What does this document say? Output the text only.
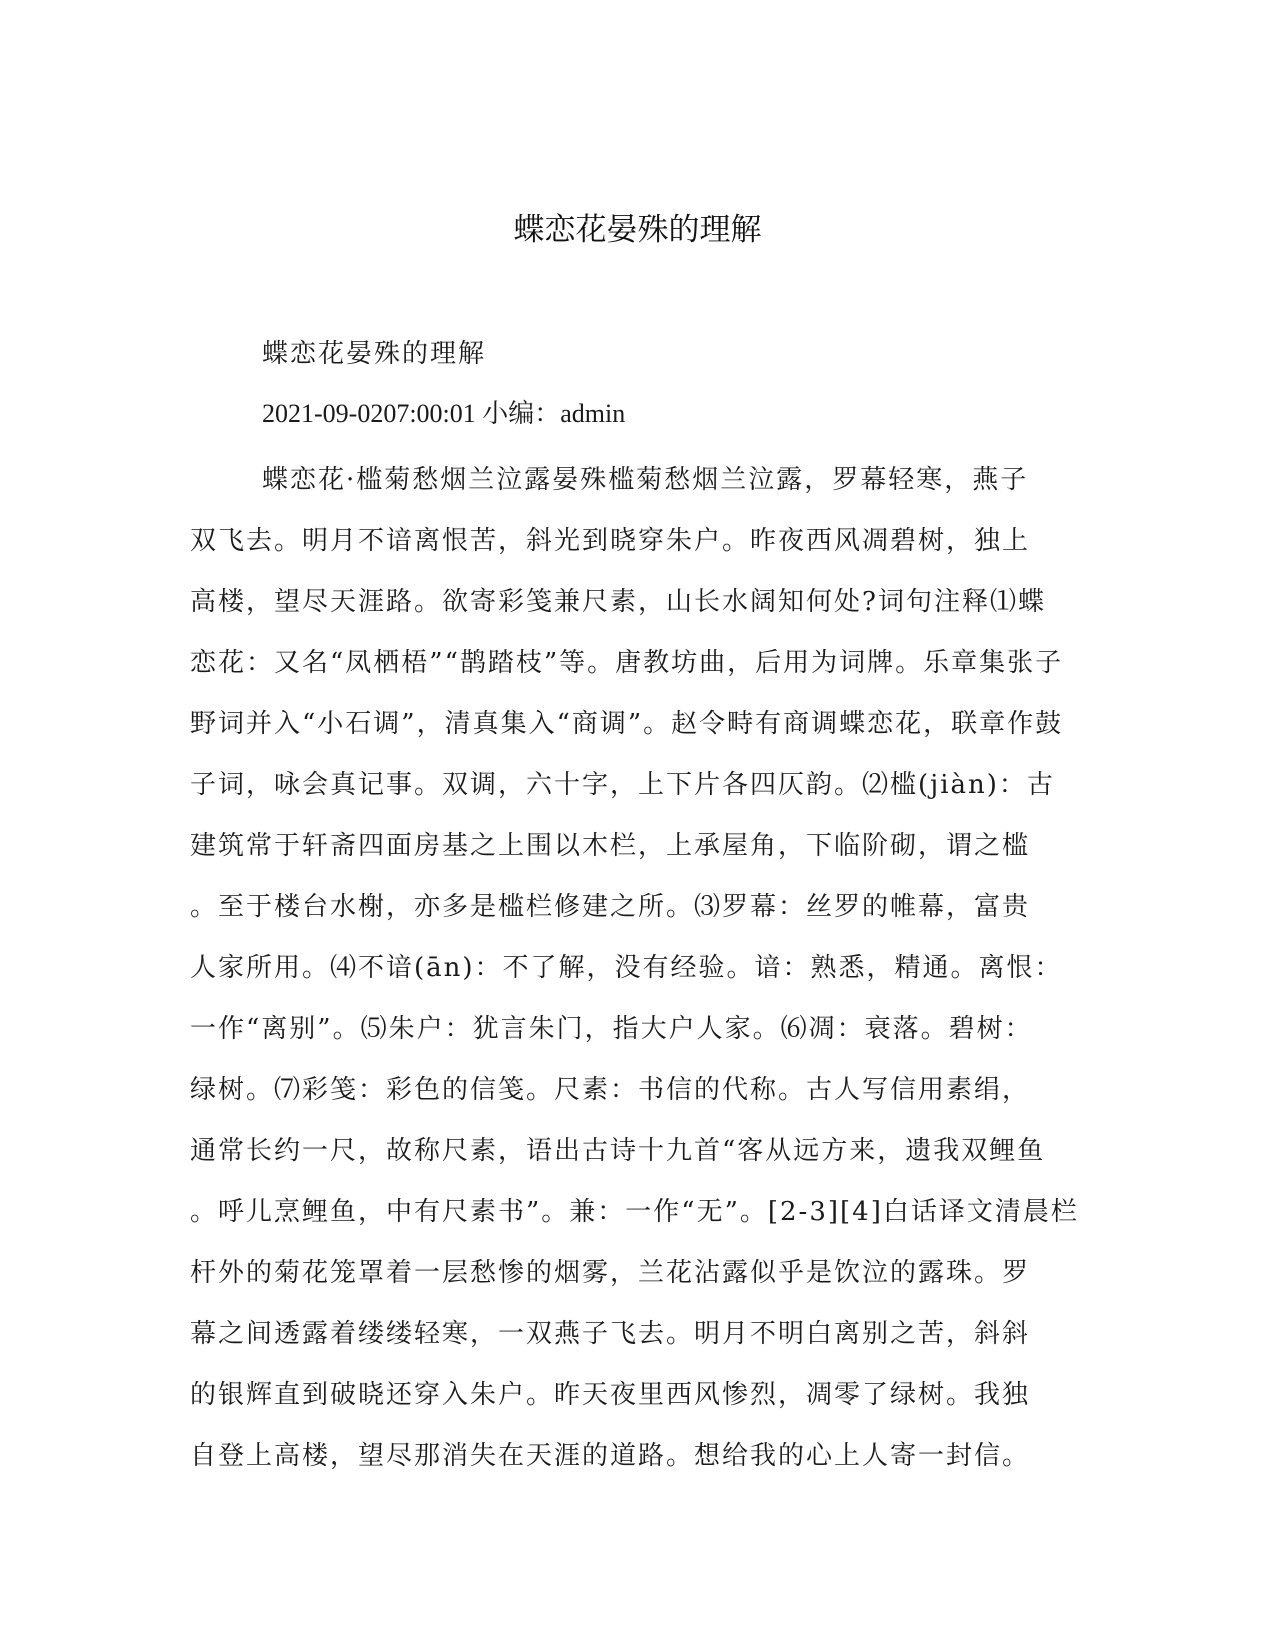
蝶恋花晏殊的理解

蝶恋花晏殊的理解

2021-09-0207:00:01 小编：admin

蝶恋花·槛菊愁烟兰泣露晏殊槛菊愁烟兰泣露，罗幕轻寒，燕子
双飞去。明月不谙离恨苦，斜光到晓穿朱户。昨夜西风凋碧树，独上
高楼，望尽天涯路。欲寄彩笺兼尺素，山长水阔知何处?词句注释⑴蝶
恋花：又名“凤栖梧”“鹊踏枝”等。唐教坊曲，后用为词牌。乐章集张子
野词并入“小石调”，清真集入“商调”。赵令畤有商调蝶恋花，联章作鼓
子词，咏会真记事。双调，六十字，上下片各四仄韵。⑵槛(jiàn)：古
建筑常于轩斋四面房基之上围以木栏，上承屋角，下临阶砌，谓之槛
。至于楼台水榭，亦多是槛栏修建之所。⑶罗幕：丝罗的帷幕，富贵
人家所用。⑷不谙(ān)：不了解，没有经验。谙：熟悉，精通。离恨：
一作“离别”。⑸朱户：犹言朱门，指大户人家。⑹凋：衰落。碧树：
绿树。⑺彩笺：彩色的信笺。尺素：书信的代称。古人写信用素绢，
通常长约一尺，故称尺素，语出古诗十九首“客从远方来，遗我双鲤鱼
。呼儿烹鲤鱼，中有尺素书”。兼：一作“无”。[2-3][4]白话译文清晨栏
杆外的菊花笼罩着一层愁惨的烟雾，兰花沾露似乎是饮泣的露珠。罗
幕之间透露着缕缕轻寒，一双燕子飞去。明月不明白离别之苦，斜斜
的银辉直到破晓还穿入朱户。昨天夜里西风惨烈，凋零了绿树。我独
自登上高楼，望尽那消失在天涯的道路。想给我的心上人寄一封信。
